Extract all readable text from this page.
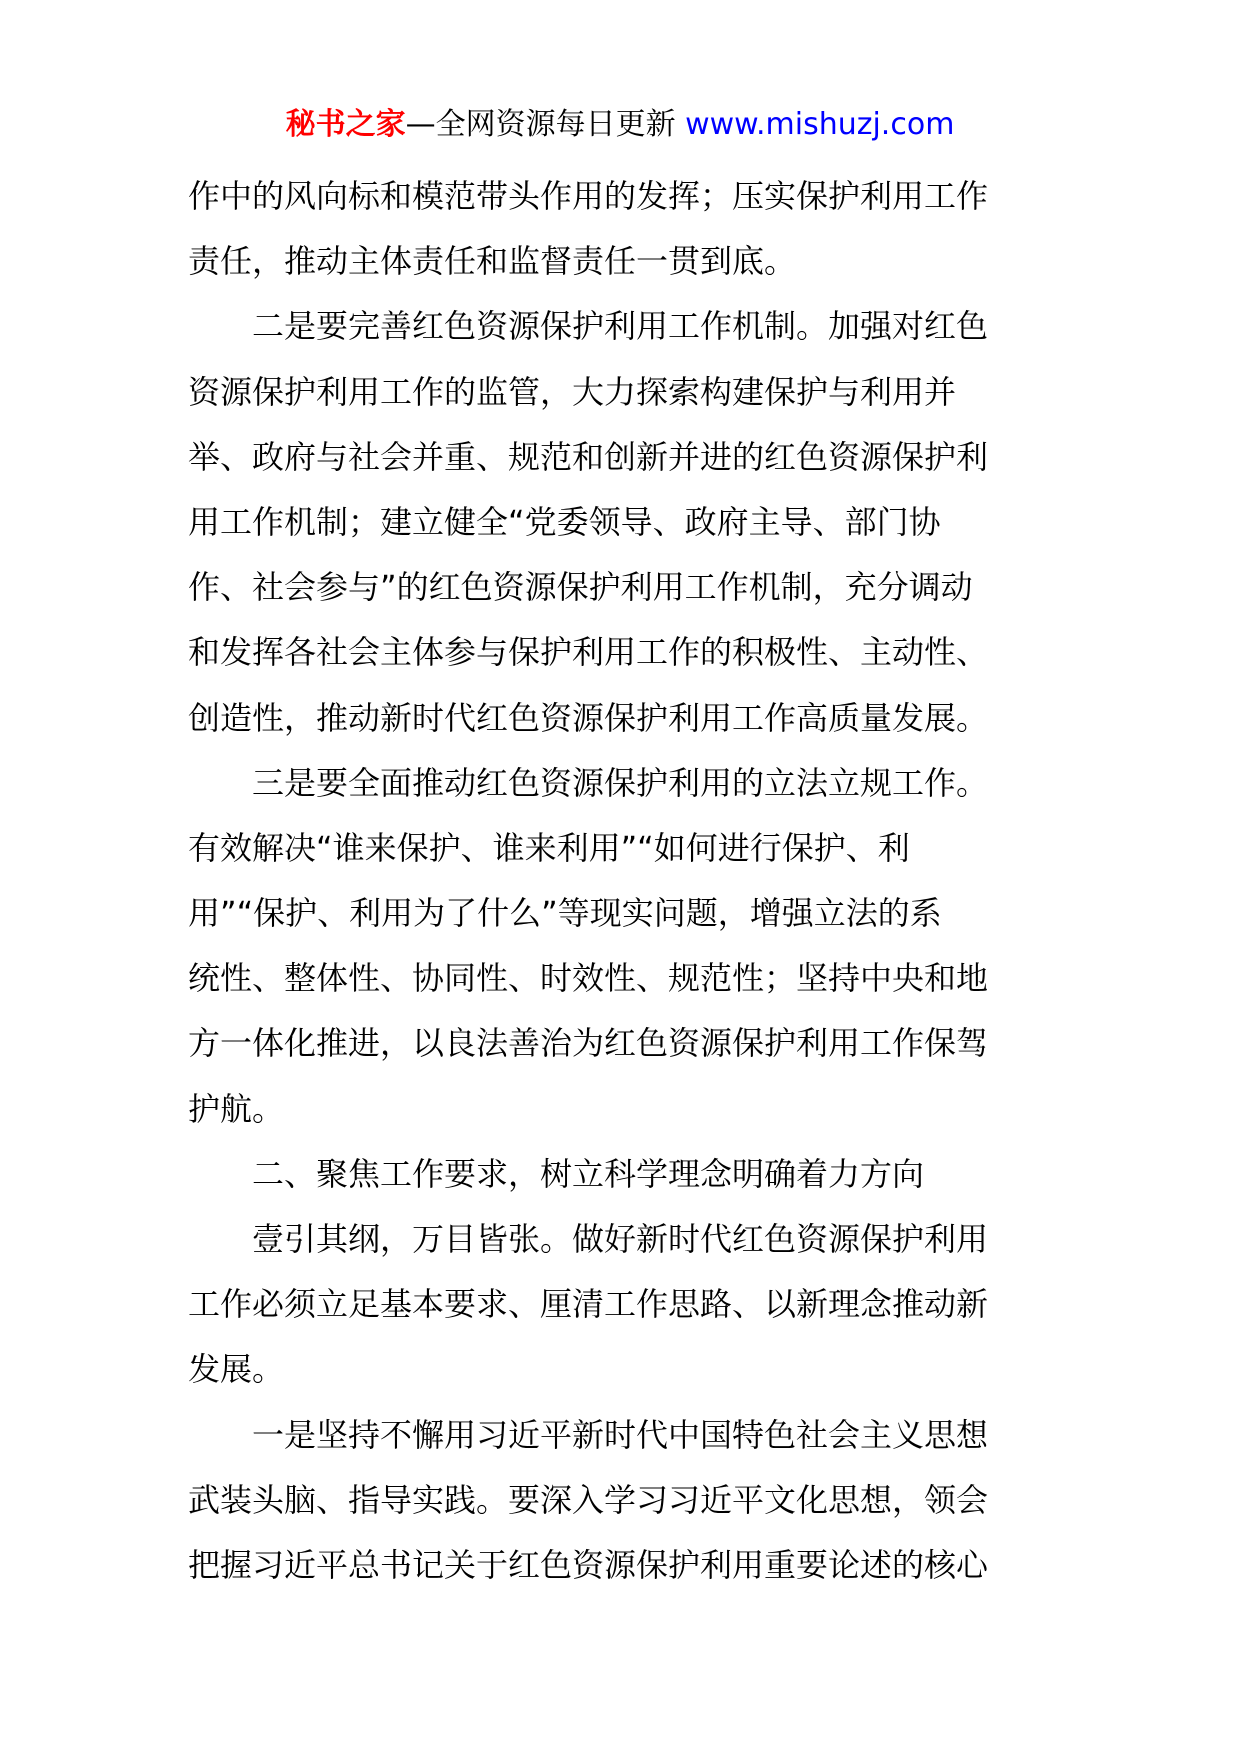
秘书之家—全网资源每日更新 www.mishuzj.com
作中的风向标和模范带头作用的发挥；压实保护利用工作
责任，推动主体责任和监督责任一贯到底。
二是要完善红色资源保护利用工作机制。加强对红色
资源保护利用工作的监管，大力探索构建保护与利用并
举、政府与社会并重、规范和创新并进的红色资源保护利
用工作机制；建立健全“党委领导、政府主导、部门协
作、社会参与”的红色资源保护利用工作机制，充分调动
和发挥各社会主体参与保护利用工作的积极性、主动性、
创造性，推动新时代红色资源保护利用工作高质量发展。
三是要全面推动红色资源保护利用的立法立规工作。
有效解决“谁来保护、谁来利用”“如何进行保护、利
用”“保护、利用为了什么”等现实问题，增强立法的系
统性、整体性、协同性、时效性、规范性；坚持中央和地
方一体化推进，以良法善治为红色资源保护利用工作保驾
护航。
二、聚焦工作要求，树立科学理念明确着力方向
壹引其纲，万目皆张。做好新时代红色资源保护利用
工作必须立足基本要求、厘清工作思路、以新理念推动新
发展。
一是坚持不懈用习近平新时代中国特色社会主义思想
武装头脑、指导实践。要深入学习习近平文化思想，领会
把握习近平总书记关于红色资源保护利用重要论述的核心
